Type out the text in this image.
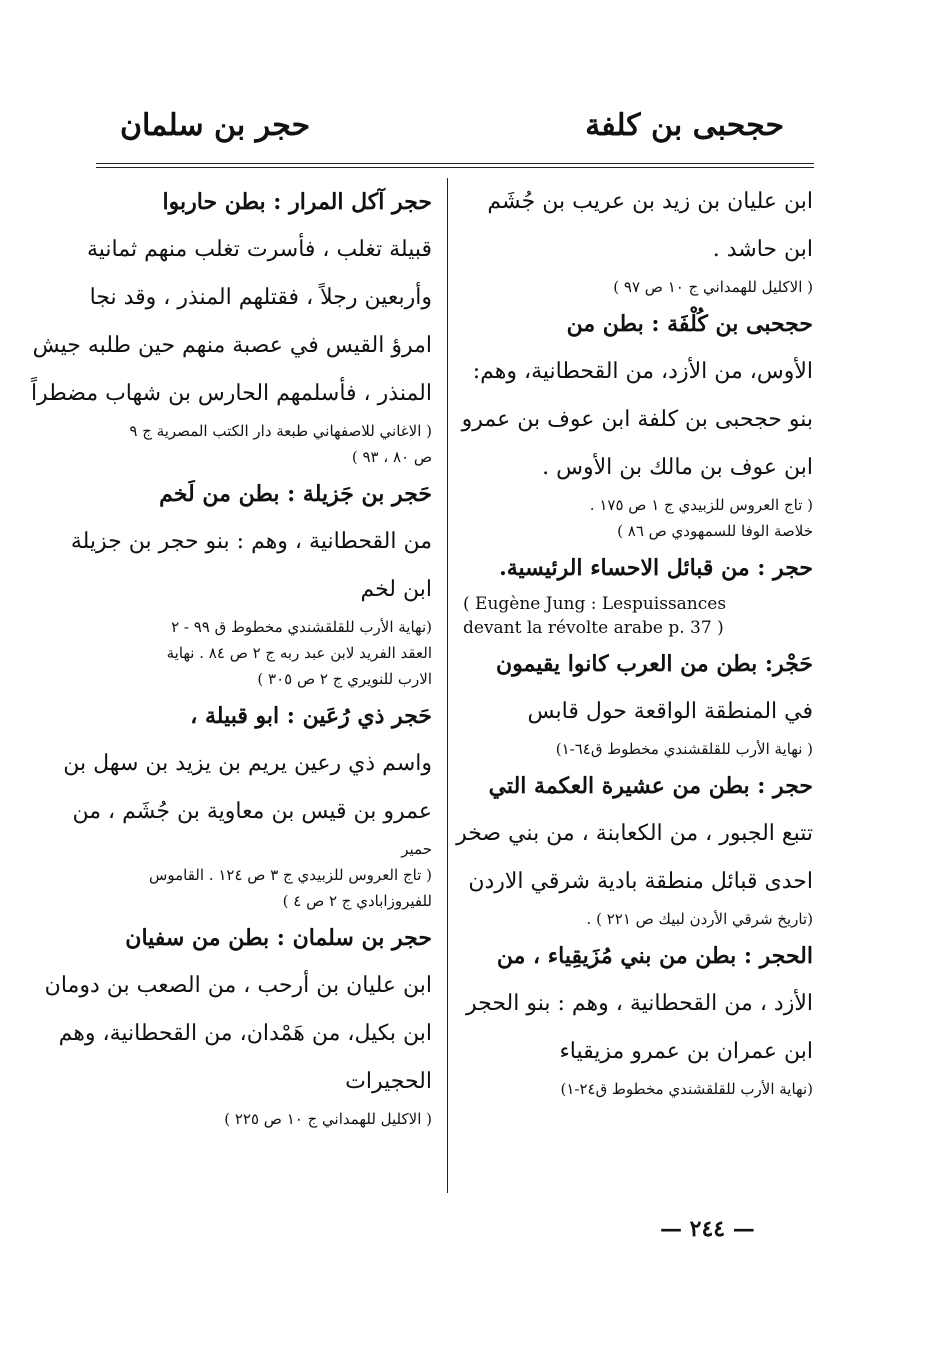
حجحبى بن كلفة
حجر بن سلمان
ابن عليان بن زيد بن عريب بن جُشَم
ابن حاشد .
( الاكليل للهمداني ج ١٠ ص ٩٧ )
حجحبى بن كُلْفَة : بطن من
الأوس، من الأزد، من القحطانية، وهم:
بنو حجحبى بن كلفة ابن عوف بن عمرو
ابن عوف بن مالك بن الأوس .
( تاج العروس للزبيدي ج ١ ص ١٧٥ .
خلاصة الوفا للسمهودي ص ٨٦ )
حجر : من قبائل الاحساء الرئيسية.
( Eugène Jung : Lespuissances
devant la révolte arabe p. 37 )
حَجْر: بطن من العرب كانوا يقيمون
في المنطقة الواقعة حول قابس
( نهاية الأرب للقلقشندي مخطوط ق٦٤-١)
حجر : بطن من عشيرة العكمة التي
تتبع الجبور ، من الكعابنة ، من بني صخر
احدى قبائل منطقة بادية شرقي الاردن
(تاريخ شرقي الأردن لبيك ص ٢٢١ ) .
الحجر : بطن من بني مُزَيقِياء ، من
الأزد ، من القحطانية ، وهم : بنو الحجر
ابن عمران بن عمرو مزيقياء
(نهاية الأرب للقلقشندي مخطوط ق٢٤-١)
حجر آكل المرار : بطن حاربوا
قبيلة تغلب ، فأسرت تغلب منهم ثمانية
وأربعين رجلاً ، فقتلهم المنذر ، وقد نجا
امرؤ القيس في عصبة منهم حين طلبه جيش
المنذر ، فأسلمهم الحارس بن شهاب مضطراً
( الاغاني للاصفهاني طبعة دار الكتب المصرية ج ٩
ص ٨٠ ، ٩٣ )
حَجر بن جَزيلة : بطن من لَخم
من القحطانية ، وهم : بنو حجر بن جزيلة
ابن لخم
(نهاية الأرب للقلقشندي مخطوط ق ٩٩ - ٢
العقد الفريد لابن عبد ربه ج ٢ ص ٨٤ . نهاية
الارب للنويري ج ٢ ص ٣٠٥ )
حَجر ذي رُعَين : ابو قبيلة ،
واسم ذي رعين يريم بن يزيد بن سهل بن
عمرو بن قيس بن معاوية بن جُشَم ، من
حمير
( تاج العروس للزبيدي ج ٣ ص ١٢٤ . القاموس
للفيروزابادي ج ٢ ص ٤ )
حجر بن سلمان : بطن من سفيان
ابن عليان بن أرحب ، من الصعب بن دومان
ابن بكيل، من هَمْدان، من القحطانية، وهم
الحجيرات
( الاكليل للهمداني ج ١٠ ص ٢٢٥ )
— ٢٤٤ —
